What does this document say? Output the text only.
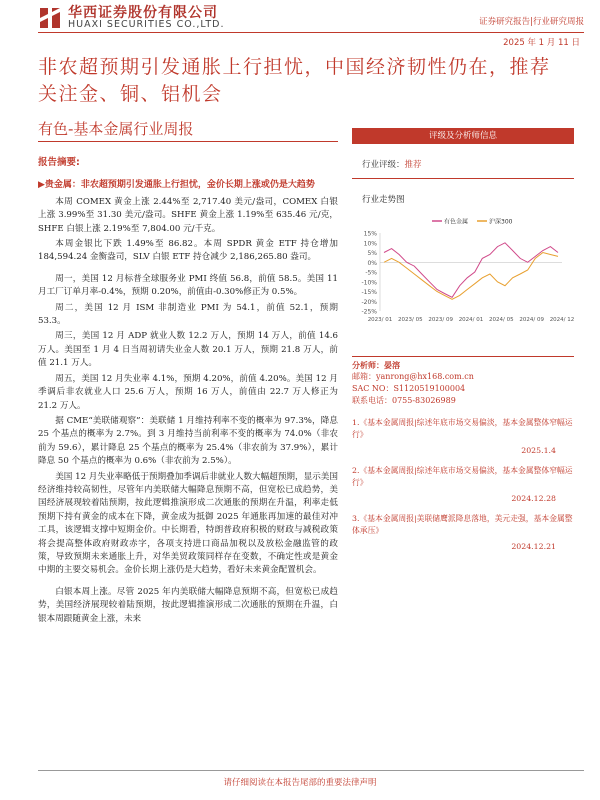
华西证券股份有限公司
HUAXI SECURITIES CO.,LTD.	证券研究报告|行业研究周报
2025 年 1 月 11 日
非农超预期引发通胀上行担忧，中国经济韧性仍在，推荐关注金、铜、铝机会
有色-基本金属行业周报
报告摘要:
▶贵金属：非农超预期引发通胀上行担忧，金价长期上涨或仍是大趋势

本周 COMEX 黄金上涨 2.44%至 2,717.40 美元/盎司，COMEX 白银上涨 3.99%至 31.30 美元/盎司。SHFE 黄金上涨 1.19%至 635.46 元/克，SHFE 白银上涨 2.19%至 7,804.00 元/千克。

本周金银比下跌 1.49%至 86.82。本周 SPDR 黄金 ETF 持仓增加 184,594.24 金衡盎司，SLV 白银 ETF 持仓减少 2,186,265.80 盎司。

周一，美国 12 月标普全球服务业 PMI 终值 56.8，前值 58.5。美国 11 月工厂订单月率-0.4%，预期 0.20%，前值由-0.30%修正为 0.5%。

周二，美国 12 月 ISM 非制造业 PMI 为 54.1，前值 52.1，预期 53.3。

周三，美国 12 月 ADP 就业人数 12.2 万人，预期 14 万人，前值 14.6 万人。美国至 1 月 4 日当周初请失业金人数 20.1 万人，预期 21.8 万人，前值 21.1 万人。

周五，美国 12 月失业率 4.1%，预期 4.20%，前值 4.20%。美国 12 月季调后非农就业人口 25.6 万人，预期 16 万人，前值由 22.7 万人修正为 21.2 万人。

据 CME“美联储观察”：美联储 1 月维持利率不变的概率为 97.3%，降息 25 个基点的概率为 2.7%。到 3 月维持当前利率不变的概率为 74.0%（非农前为 59.6），累计降息 25 个基点的概率为 25.4%（非农前为 37.9%），累计降息 50 个基点的概率为 0.6%（非农前为 2.5%）。

美国 12 月失业率略低于预期叠加季调后非就业人数大幅超预期，显示美国经济维持较高韧性，尽管年内美联储大幅降息预期不高，但宽松已成趋势，美国经济展现较着陆预期，按此逻辑推演形成二次通胀的预期在升温，利率走低预期下持有黄金的成本在下降，黄金成为抵御 2025 年通胀再加速的最佳对冲工具，该逻辑支撑中短期金价。中长期看，特朗普政府积极的财政与减税政策将会提高整体政府财政赤字，各项支持进口商品加税以及放松金融监管的政策，导致预期未来通胀上升，对华美贸政策同样存在变数，不确定性或是黄金中期的主要交易机会。金价长期上涨仍是大趋势，看好未来黄金配置机会。

白银本周上涨。尽管 2025 年内美联储大幅降息预期不高，但宽松已成趋势，美国经济展现较着陆预期，按此逻辑推演形成二次通胀的预期在升温，白银本周跟随黄金上涨，未来

评级及分析师信息
行业评级：推荐
行业走势图
15%
10%
5%
0%
-5%
-10%
-15%
-20%
-25%
2023/ 01 2023/ 05 2023/ 09 2024/ 01 2024/ 05 2024/ 09 2024/ 12
有色金属	沪深300
分析师：晏溶
邮箱：yanrong@hx168.com.cn
SAC NO：S1120519100004
联系电话：0755-83026989
1.《基本金属周报|综述年底市场交易偏淡，基本金属整体窄幅运行》
2025.1.4
2.《基本金属周报|综述年底市场交易偏淡，基本金属整体窄幅运行》
2024.12.28
3.《基本金属周报|美联储鹰派降息落地，美元走强，基本金属整体承压》
2024.12.21
请仔细阅读在本报告尾部的重要法律声明
